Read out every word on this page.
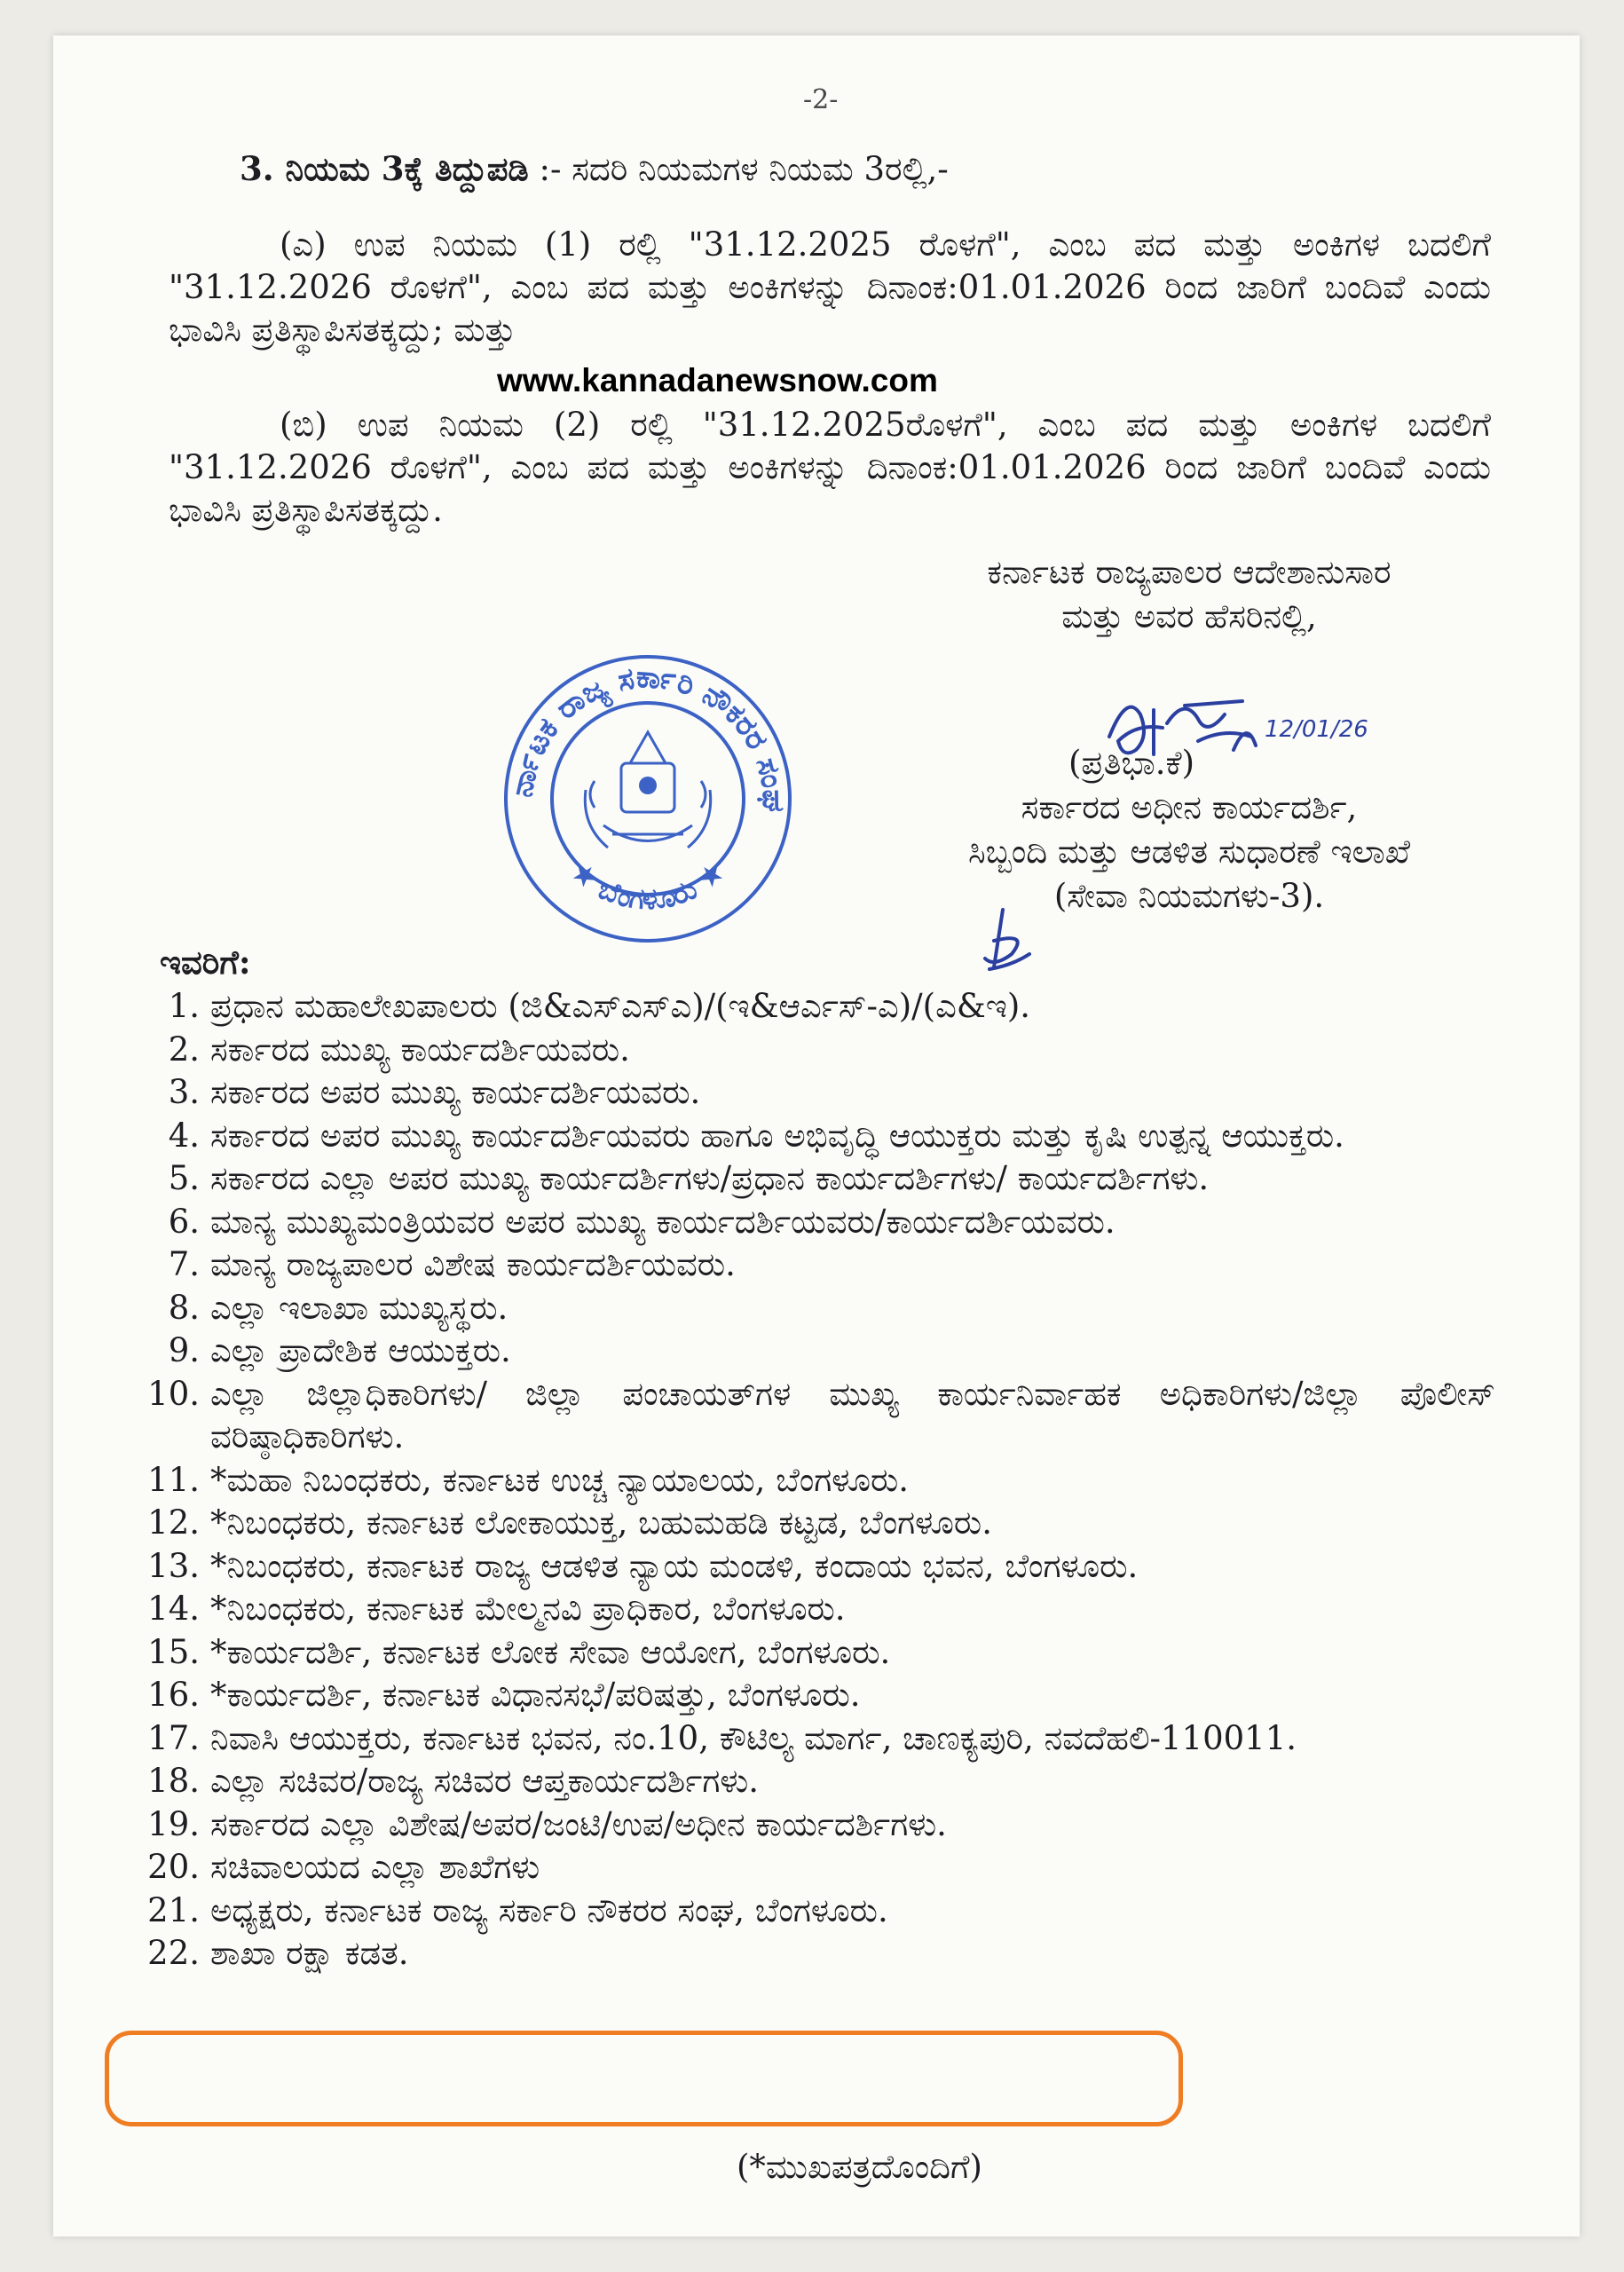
-2-
3. ನಿಯಮ 3ಕ್ಕೆ ತಿದ್ದುಪಡಿ :- ಸದರಿ ನಿಯಮಗಳ ನಿಯಮ 3ರಲ್ಲಿ,-
(ಎ) ಉಪ ನಿಯಮ (1) ರಲ್ಲಿ "31.12.2025 ರೊಳಗೆ", ಎಂಬ ಪದ ಮತ್ತು ಅಂಕಿಗಳ ಬದಲಿಗೆ "31.12.2026 ರೊಳಗೆ", ಎಂಬ ಪದ ಮತ್ತು ಅಂಕಿಗಳನ್ನು ದಿನಾಂಕ:01.01.2026 ರಿಂದ ಜಾರಿಗೆ ಬಂದಿವೆ ಎಂದು ಭಾವಿಸಿ ಪ್ರತಿಸ್ಥಾಪಿಸತಕ್ಕದ್ದು; ಮತ್ತು
www.kannadanewsnow.com
(ಬಿ) ಉಪ ನಿಯಮ (2) ರಲ್ಲಿ "31.12.2025ರೊಳಗೆ", ಎಂಬ ಪದ ಮತ್ತು ಅಂಕಿಗಳ ಬದಲಿಗೆ "31.12.2026 ರೊಳಗೆ", ಎಂಬ ಪದ ಮತ್ತು ಅಂಕಿಗಳನ್ನು ದಿನಾಂಕ:01.01.2026 ರಿಂದ ಜಾರಿಗೆ ಬಂದಿವೆ ಎಂದು ಭಾವಿಸಿ ಪ್ರತಿಸ್ಥಾಪಿಸತಕ್ಕದ್ದು.
ಕರ್ನಾಟಕ ರಾಜ್ಯಪಾಲರ ಆದೇಶಾನುಸಾರ
ಮತ್ತು ಅವರ ಹೆಸರಿನಲ್ಲಿ,
ಕರ್ನಾಟಕ ರಾಜ್ಯ ಸರ್ಕಾರಿ ನೌಕರರ ಸಂಘ
★ ಬೆಂಗಳೂರು ★
12/01/26
(ಪ್ರತಿಭಾ.ಕೆ)
ಸರ್ಕಾರದ ಅಧೀನ ಕಾರ್ಯದರ್ಶಿ,
ಸಿಬ್ಬಂದಿ ಮತ್ತು ಆಡಳಿತ ಸುಧಾರಣೆ ಇಲಾಖೆ
(ಸೇವಾ ನಿಯಮಗಳು-3).
ಇವರಿಗೆ:
1. ಪ್ರಧಾನ ಮಹಾಲೇಖಪಾಲರು (ಜಿ&ಎಸ್ಎಸ್ಎ)/(ಇ&ಆರ್ಎಸ್-ಎ)/(ಎ&ಇ).
2. ಸರ್ಕಾರದ ಮುಖ್ಯ ಕಾರ್ಯದರ್ಶಿಯವರು.
3. ಸರ್ಕಾರದ ಅಪರ ಮುಖ್ಯ ಕಾರ್ಯದರ್ಶಿಯವರು.
4. ಸರ್ಕಾರದ ಅಪರ ಮುಖ್ಯ ಕಾರ್ಯದರ್ಶಿಯವರು ಹಾಗೂ ಅಭಿವೃದ್ಧಿ ಆಯುಕ್ತರು ಮತ್ತು ಕೃಷಿ ಉತ್ಪನ್ನ ಆಯುಕ್ತರು.
5. ಸರ್ಕಾರದ ಎಲ್ಲಾ ಅಪರ ಮುಖ್ಯ ಕಾರ್ಯದರ್ಶಿಗಳು/ಪ್ರಧಾನ ಕಾರ್ಯದರ್ಶಿಗಳು/ ಕಾರ್ಯದರ್ಶಿಗಳು.
6. ಮಾನ್ಯ ಮುಖ್ಯಮಂತ್ರಿಯವರ ಅಪರ ಮುಖ್ಯ ಕಾರ್ಯದರ್ಶಿಯವರು/ಕಾರ್ಯದರ್ಶಿಯವರು.
7. ಮಾನ್ಯ ರಾಜ್ಯಪಾಲರ ವಿಶೇಷ ಕಾರ್ಯದರ್ಶಿಯವರು.
8. ಎಲ್ಲಾ ಇಲಾಖಾ ಮುಖ್ಯಸ್ಥರು.
9. ಎಲ್ಲಾ ಪ್ರಾದೇಶಿಕ ಆಯುಕ್ತರು.
10. ಎಲ್ಲಾ ಜಿಲ್ಲಾಧಿಕಾರಿಗಳು/ ಜಿಲ್ಲಾ ಪಂಚಾಯತ್‌ಗಳ ಮುಖ್ಯ ಕಾರ್ಯನಿರ್ವಾಹಕ ಅಧಿಕಾರಿಗಳು/ಜಿಲ್ಲಾ ಪೊಲೀಸ್ ವರಿಷ್ಠಾಧಿಕಾರಿಗಳು.
11. *ಮಹಾ ನಿಬಂಧಕರು, ಕರ್ನಾಟಕ ಉಚ್ಚ ನ್ಯಾಯಾಲಯ, ಬೆಂಗಳೂರು.
12. *ನಿಬಂಧಕರು, ಕರ್ನಾಟಕ ಲೋಕಾಯುಕ್ತ, ಬಹುಮಹಡಿ ಕಟ್ಟಡ, ಬೆಂಗಳೂರು.
13. *ನಿಬಂಧಕರು, ಕರ್ನಾಟಕ ರಾಜ್ಯ ಆಡಳಿತ ನ್ಯಾಯ ಮಂಡಳಿ, ಕಂದಾಯ ಭವನ, ಬೆಂಗಳೂರು.
14. *ನಿಬಂಧಕರು, ಕರ್ನಾಟಕ ಮೇಲ್ಮನವಿ ಪ್ರಾಧಿಕಾರ, ಬೆಂಗಳೂರು.
15. *ಕಾರ್ಯದರ್ಶಿ, ಕರ್ನಾಟಕ ಲೋಕ ಸೇವಾ ಆಯೋಗ, ಬೆಂಗಳೂರು.
16. *ಕಾರ್ಯದರ್ಶಿ, ಕರ್ನಾಟಕ ವಿಧಾನಸಭೆ/ಪರಿಷತ್ತು, ಬೆಂಗಳೂರು.
17. ನಿವಾಸಿ ಆಯುಕ್ತರು, ಕರ್ನಾಟಕ ಭವನ, ನಂ.10, ಕೌಟಿಲ್ಯ ಮಾರ್ಗ, ಚಾಣಕ್ಯಪುರಿ, ನವದೆಹಲಿ-110011.
18. ಎಲ್ಲಾ ಸಚಿವರ/ರಾಜ್ಯ ಸಚಿವರ ಆಪ್ತಕಾರ್ಯದರ್ಶಿಗಳು.
19. ಸರ್ಕಾರದ ಎಲ್ಲಾ ವಿಶೇಷ/ಅಪರ/ಜಂಟಿ/ಉಪ/ಅಧೀನ ಕಾರ್ಯದರ್ಶಿಗಳು.
20. ಸಚಿವಾಲಯದ ಎಲ್ಲಾ ಶಾಖೆಗಳು
21. ಅಧ್ಯಕ್ಷರು, ಕರ್ನಾಟಕ ರಾಜ್ಯ ಸರ್ಕಾರಿ ನೌಕರರ ಸಂಘ, ಬೆಂಗಳೂರು.
22. ಶಾಖಾ ರಕ್ಷಾ ಕಡತ.
(*ಮುಖಪತ್ರದೊಂದಿಗೆ)
